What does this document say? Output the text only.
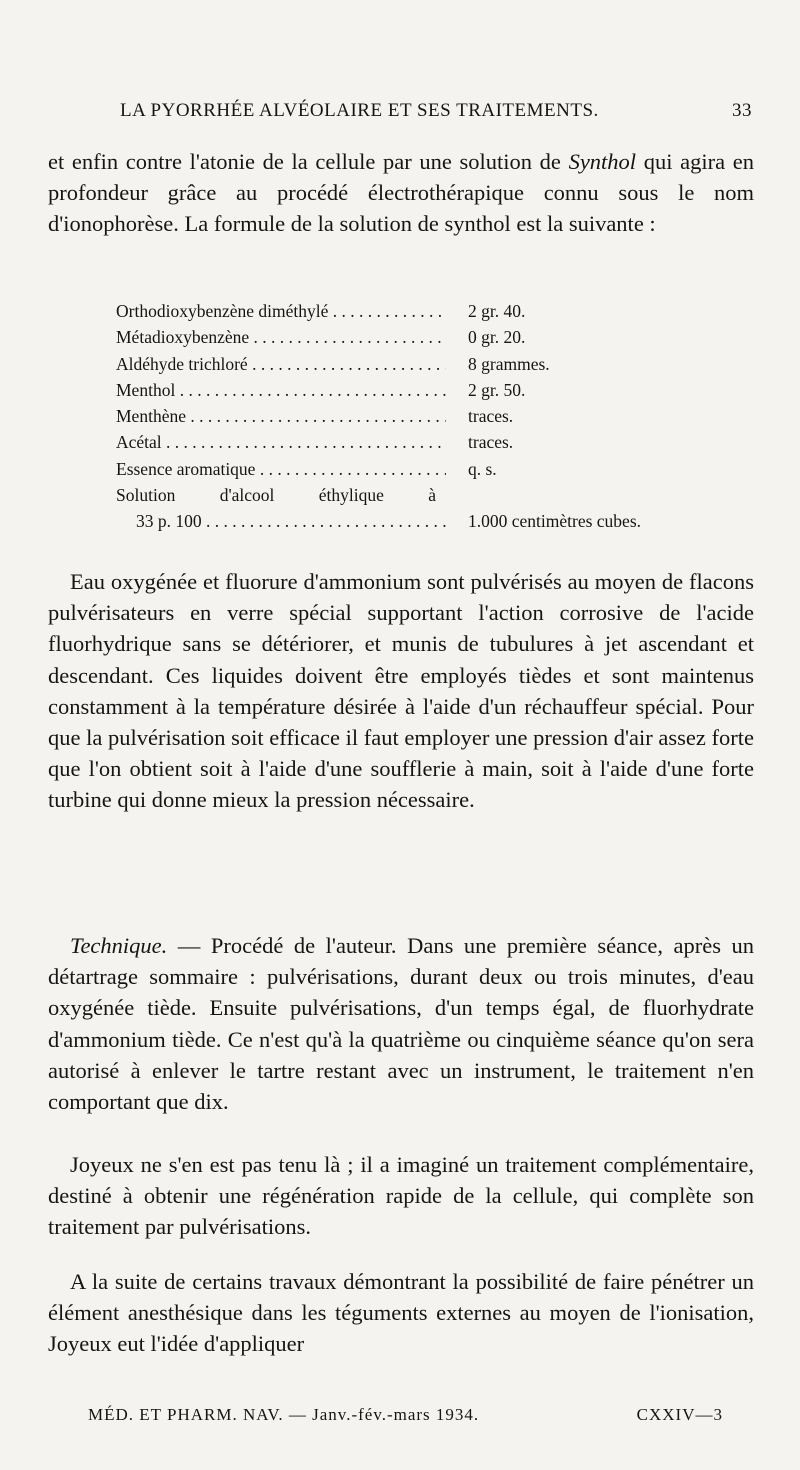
LA PYORRHÉE ALVÉOLAIRE ET SES TRAITEMENTS.	33
et enfin contre l'atonie de la cellule par une solution de Synthol qui agira en profondeur grâce au procédé électrothérapique connu sous le nom d'ionophorèse. La formule de la solution de synthol est la suivante :
Orthodioxybenzène diméthylé . . .	2 gr. 40.
Métadioxybenzène . . .	0 gr. 20.
Aldéhyde trichloré . . .	8 grammes.
Menthol . . .	2 gr. 50.
Menthène . . .	traces.
Acétal . . .	traces.
Essence aromatique . . .	q. s.
Solution d'alcool éthylique à
33 p. 100 . . .	1.000 centimètres cubes.
Eau oxygénée et fluorure d'ammonium sont pulvérisés au moyen de flacons pulvérisateurs en verre spécial supportant l'action corrosive de l'acide fluorhydrique sans se détériorer, et munis de tubulures à jet ascendant et descendant. Ces liquides doivent être employés tièdes et sont maintenus constamment à la température désirée à l'aide d'un réchauffeur spécial. Pour que la pulvérisation soit efficace il faut employer une pression d'air assez forte que l'on obtient soit à l'aide d'une soufflerie à main, soit à l'aide d'une forte turbine qui donne mieux la pression nécessaire.
Technique. — Procédé de l'auteur. Dans une première séance, après un détartrage sommaire : pulvérisations, durant deux ou trois minutes, d'eau oxygénée tiède. Ensuite pulvérisations, d'un temps égal, de fluorhydrate d'ammonium tiède. Ce n'est qu'à la quatrième ou cinquième séance qu'on sera autorisé à enlever le tartre restant avec un instrument, le traitement n'en comportant que dix.
Joyeux ne s'en est pas tenu là ; il a imaginé un traitement complémentaire, destiné à obtenir une régénération rapide de la cellule, qui complète son traitement par pulvérisations.
A la suite de certains travaux démontrant la possibilité de faire pénétrer un élément anesthésique dans les téguments externes au moyen de l'ionisation, Joyeux eut l'idée d'appliquer
MÉD. ET PHARM. NAV. — Janv.-fév.-mars 1934.	CXXIV—3
